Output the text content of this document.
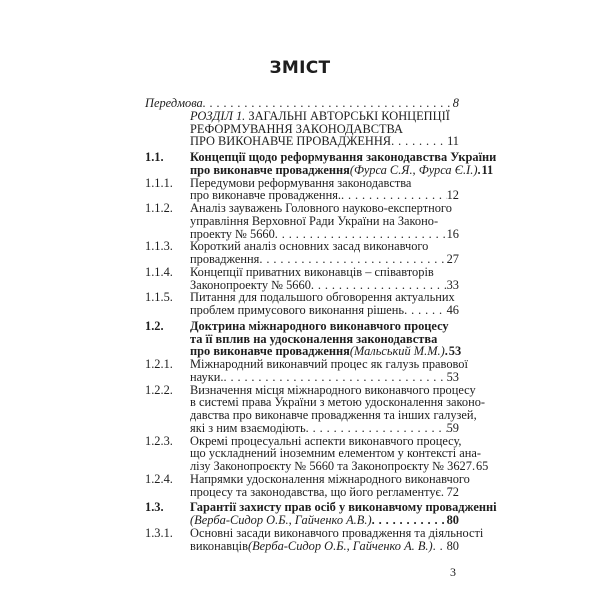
ЗМІСТ
Передмова . . .	8
РОЗДІЛ 1. ЗАГАЛЬНІ АВТОРСЬКІ КОНЦЕПЦІЇ
РЕФОРМУВАННЯ ЗАКОНОДАВСТВА
ПРО ВИКОНАВЧЕ ПРОВАДЖЕННЯ . . .	11
1.1.	Концепції щодо реформування законодавства України
про виконавче провадження (Фурса С.Я., Фурса Є.І.) . . . 11
1.1.1.	Передумови реформування законодавства
про виконавче провадження. . . .	12
1.1.2.	Аналіз зауважень Головного науково-експертного
управління Верховної Ради України на Законо-
проекту № 5660 . . .	16
1.1.3.	Короткий аналіз основних засад виконавчого
провадження . . .	27
1.1.4.	Концепції приватних виконавців – співавторів
Законопроекту № 5660 . . .	33
1.1.5.	Питання для подальшого обговорення актуальних
проблем примусового виконання рішень . . .	46
1.2.	Доктрина міжнародного виконавчого процесу
та її вплив на удосконалення законодавства
про виконавче провадження (Мальський М.М.) . . . 53
1.2.1.	Міжнародний виконавчий процес як галузь правової
науки. . . .	53
1.2.2.	Визначення місця міжнародного виконавчого процесу
в системі права України з метою удосконалення законо-
давства про виконавче провадження та інших галузей,
які з ним взаємодіють . . .	59
1.2.3.	Окремі процесуальні аспекти виконавчого процесу,
що ускладнений іноземним елементом у контексті ана-
лізу Законопроєкту № 5660 та Законопроєкту № 3627 . . . 65
1.2.4.	Напрямки удосконалення міжнародного виконавчого
процесу та законодавства, що його регламентує . . . 72
1.3.	Гарантії захисту прав осіб у виконавчому провадженні
(Верба-Сидор О.Б., Гайченко А.В.) . . .	80
1.3.1.	Основні засади виконавчого провадження та діяльності
виконавців (Верба-Сидор О.Б., Гайченко А. В.) . . . 80
3
